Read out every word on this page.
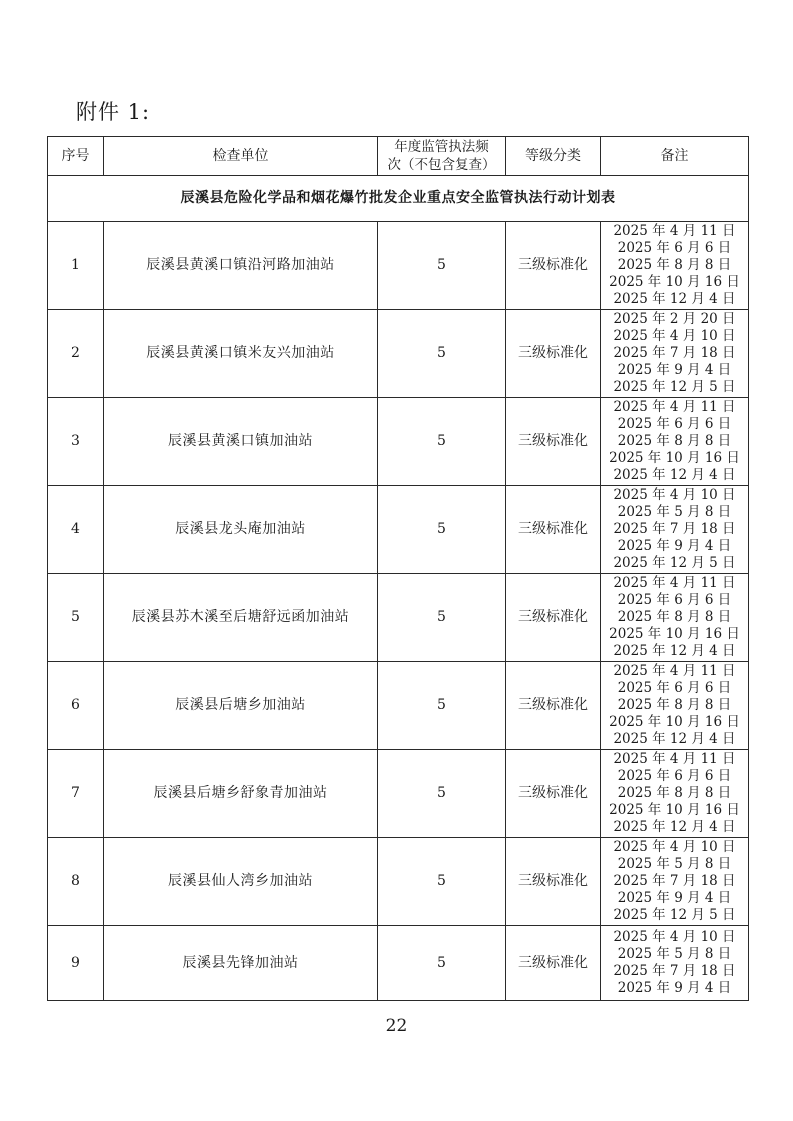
附件 1:
序号	检查单位	年度监管执法频
次（不包含复查）	等级分类	备注
辰溪县危险化学品和烟花爆竹批发企业重点安全监管执法行动计划表				
1	辰溪县黄溪口镇沿河路加油站	5	三级标准化	2025 年 4 月 11 日
2025 年 6 月 6 日
2025 年 8 月 8 日
2025 年 10 月 16 日
2025 年 12 月 4 日

2	辰溪县黄溪口镇米友兴加油站	5	三级标准化	2025 年 2 月 20 日
2025 年 4 月 10 日
2025 年 7 月 18 日
2025 年 9 月 4 日
2025 年 12 月 5 日

3	辰溪县黄溪口镇加油站	5	三级标准化	2025 年 4 月 11 日
2025 年 6 月 6 日
2025 年 8 月 8 日
2025 年 10 月 16 日
2025 年 12 月 4 日

4	辰溪县龙头庵加油站	5	三级标准化	2025 年 4 月 10 日
2025 年 5 月 8 日
2025 年 7 月 18 日
2025 年 9 月 4 日
2025 年 12 月 5 日

5	辰溪县苏木溪至后塘舒远函加油站	5	三级标准化	2025 年 4 月 11 日
2025 年 6 月 6 日
2025 年 8 月 8 日
2025 年 10 月 16 日
2025 年 12 月 4 日

6	辰溪县后塘乡加油站	5	三级标准化	2025 年 4 月 11 日
2025 年 6 月 6 日
2025 年 8 月 8 日
2025 年 10 月 16 日
2025 年 12 月 4 日

7	辰溪县后塘乡舒象青加油站	5	三级标准化	2025 年 4 月 11 日
2025 年 6 月 6 日
2025 年 8 月 8 日
2025 年 10 月 16 日
2025 年 12 月 4 日

8	辰溪县仙人湾乡加油站	5	三级标准化	2025 年 4 月 10 日
2025 年 5 月 8 日
2025 年 7 月 18 日
2025 年 9 月 4 日
2025 年 12 月 5 日

9	辰溪县先锋加油站	5	三级标准化	2025 年 4 月 10 日
2025 年 5 月 8 日
2025 年 7 月 18 日
2025 年 9 月 4 日
22
